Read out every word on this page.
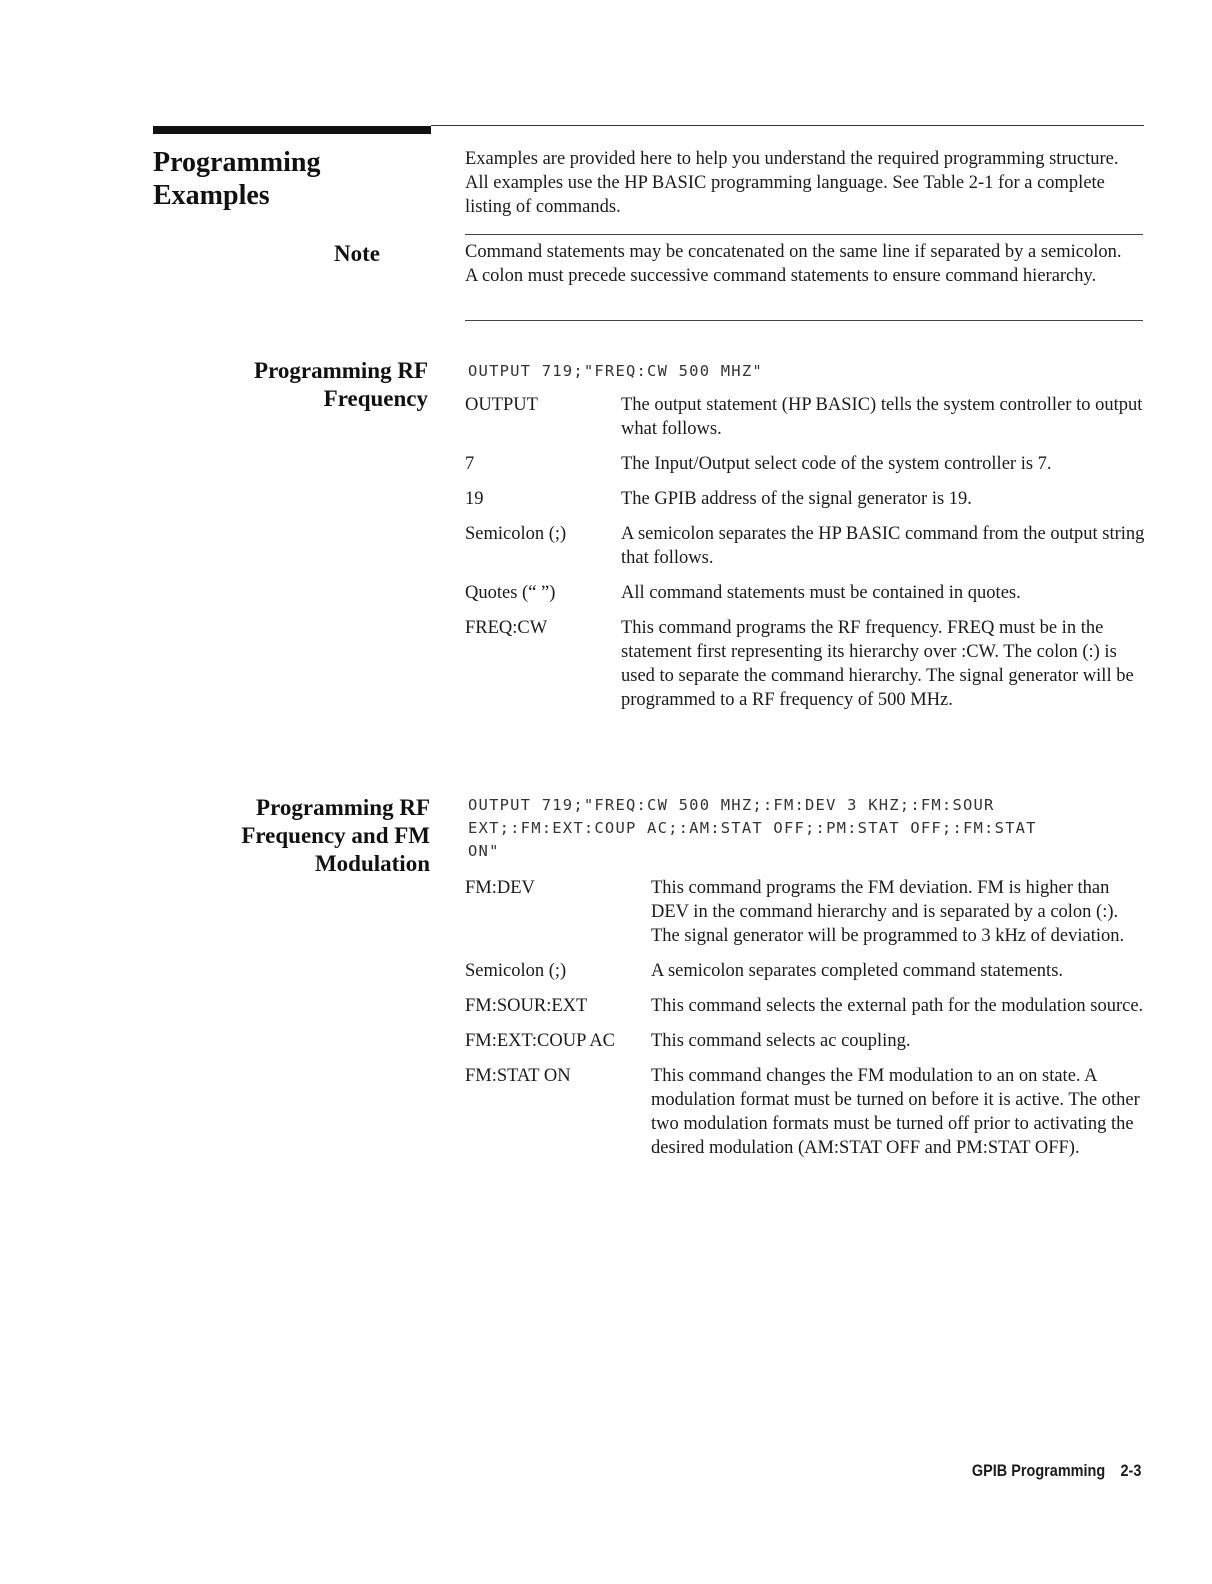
Programming
Examples

Examples are provided here to help you understand the required programming structure. All examples use the HP BASIC programming language. See Table 2-1 for a complete listing of commands.

Note	Command statements may be concatenated on the same line if separated by a semicolon. A colon must precede successive command statements to ensure command hierarchy.

Programming RF
Frequency
OUTPUT 719;"FREQ:CW 500 MHZ"
OUTPUT	The output statement (HP BASIC) tells the system controller to output what follows.
7	The Input/Output select code of the system controller is 7.
19	The GPIB address of the signal generator is 19.
Semicolon (;)	A semicolon separates the HP BASIC command from the output string that follows.
Quotes (“ ”)	All command statements must be contained in quotes.
FREQ:CW	This command programs the RF frequency. FREQ must be in the statement first representing its hierarchy over :CW. The colon (:) is used to separate the command hierarchy. The signal generator will be programmed to a RF frequency of 500 MHz.
Programming RF
Frequency and FM
Modulation
OUTPUT 719;"FREQ:CW 500 MHZ;:FM:DEV 3 KHZ;:FM:SOUR
EXT;:FM:EXT:COUP AC;:AM:STAT OFF;:PM:STAT OFF;:FM:STAT
ON"
FM:DEV	This command programs the FM deviation. FM is higher than DEV in the command hierarchy and is separated by a colon (:). The signal generator will be programmed to 3 kHz of deviation.
Semicolon (;)	A semicolon separates completed command statements.
FM:SOUR:EXT	This command selects the external path for the modulation source.
FM:EXT:COUP AC	This command selects ac coupling.
FM:STAT ON	This command changes the FM modulation to an on state. A modulation format must be turned on before it is active. The other two modulation formats must be turned off prior to activating the desired modulation (AM:STAT OFF and PM:STAT OFF).
GPIB Programming 2-3
